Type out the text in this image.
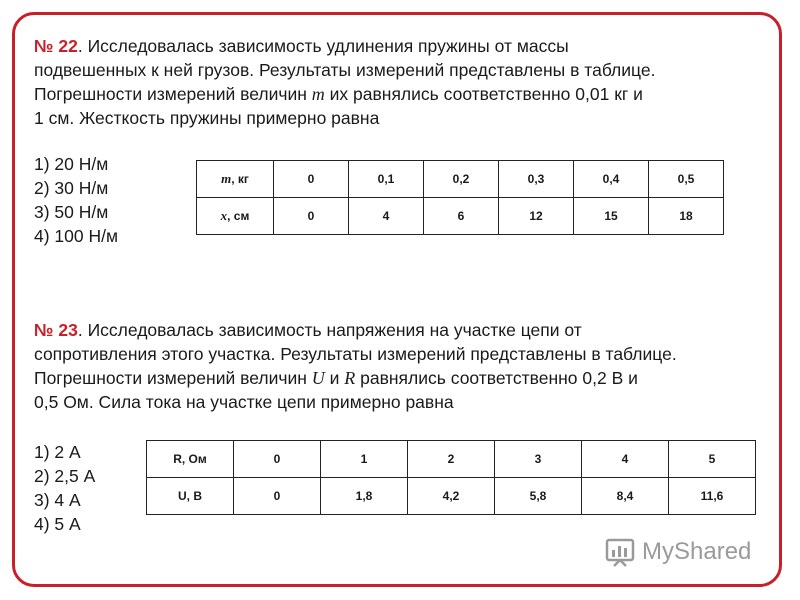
№ 22. Исследовалась зависимость удлинения пружины от массы
подвешенных к ней грузов. Результаты измерений представлены в таблице.
Погрешности измерений величин m их равнялись соответственно 0,01 кг и
1 см. Жесткость пружины примерно равна
1) 20 Н/м
2) 30 Н/м
3) 50 Н/м
4) 100 Н/м
m, кг	0	0,1	0,2	0,3	0,4	0,5
x, см	0	4	6	12	15	18
№ 23. Исследовалась зависимость напряжения на участке цепи от
сопротивления этого участка. Результаты измерений представлены в таблице.
Погрешности измерений величин U и R равнялись соответственно 0,2 В и
0,5 Ом. Сила тока на участке цепи примерно равна
1) 2 А
2) 2,5 А
3) 4 А
4) 5 А
R, Ом	0	1	2	3	4	5
U, В	0	1,8	4,2	5,8	8,4	11,6
MyShared
